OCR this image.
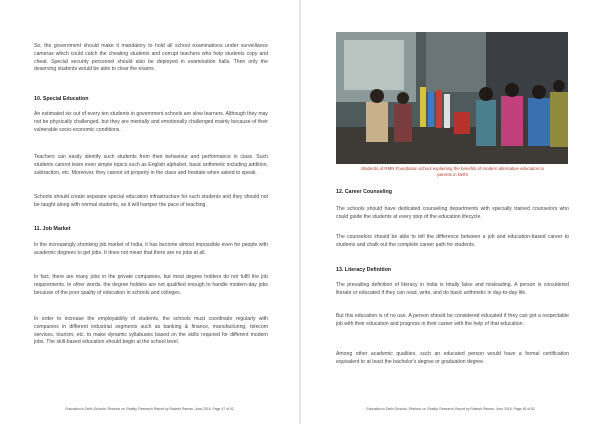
So, the government should make it mandatory to hold all school examinations under surveillance cameras which could catch the cheating students and corrupt teachers who help students copy and cheat. Special security personnel should also be deployed in examination halls. Then only the deserving students would be able to clear the exams.

10. Special Education

An estimated six out of every ten students in government schools are slow learners. Although they may not be physically challenged, but they are mentally and emotionally challenged mainly because of their vulnerable socio-economic conditions.

Teachers can easily identify such students from their behaviour and performance in class. Such students cannot learn even simple topics such as English alphabet, basic arithmetic including addition, subtraction, etc. Moreover, they cannot sit properly in the class and hesitate when asked to speak.

Schools should create separate special education infrastructure for such students and they should not be taught along with normal students, as it will hamper the pace of teaching.

11. Job Market

In the increasingly shrinking job market of India, it has become almost impossible even for people with academic degrees to get jobs. It does not mean that there are no jobs at all.

In fact, there are many jobs in the private companies, but most degree holders do not fulfil the job requirements. In other words, the degree holders are not qualified enough to handle modern-day jobs because of the poor quality of education in schools and colleges.

In order to increase the employability of students, the schools must coordinate regularly with companies in different industrial segments such as banking & finance, manufacturing, telecom services, tourism, etc. to make dynamic syllabuses based on the skills required for different modern jobs. The skill-based education should begin at the school level.

Education in Delhi Schools: Rhetoric vs. Reality. Research Report by Rakesh Raman. June 2016. Page 47 of 52
Students of RMN Foundation school explaining the benefits of modern alternative education to
parents in Delhi
12. Career Counseling

The schools should have dedicated counseling departments with specially trained counselors who could guide the students at every step of the education lifecycle.

The counselors should be able to tell the difference between a job and education-based career to students and chalk out the complete career path for students.

13. Literacy Definition

The prevailing definition of literacy in India is totally false and misleading. A person is considered literate or educated if they can read, write, and do basic arithmetic in day-to-day life.

But this education is of no use. A person should be considered educated if they can get a respectable job with their education and progress in their career with the help of that education.

Among other academic qualities, such an educated person would have a formal certification equivalent to at least the bachelor's degree or graduation degree.

Education in Delhi Schools: Rhetoric vs. Reality. Research Report by Rakesh Raman. June 2016. Page 48 of 52
